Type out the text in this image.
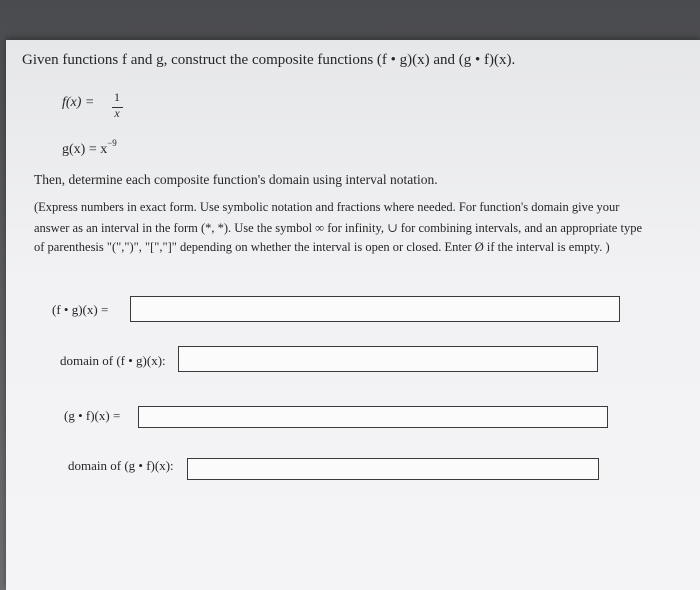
Given functions f and g, construct the composite functions (f • g)(x) and (g • f)(x).
f(x) =	1
x
$g(x) = x^{-9}$
Then, determine each composite function's domain using interval notation.
(Express numbers in exact form. Use symbolic notation and fractions where needed. For function's domain give your
answer as an interval in the form (*, *). Use the symbol ∞ for infinity, ∪ for combining intervals, and an appropriate type
of parenthesis "(",")", "[","]" depending on whether the interval is open or closed. Enter Ø if the interval is empty. )
(f • g)(x) =
domain of (f • g)(x):
(g • f)(x) =
domain of (g • f)(x):
